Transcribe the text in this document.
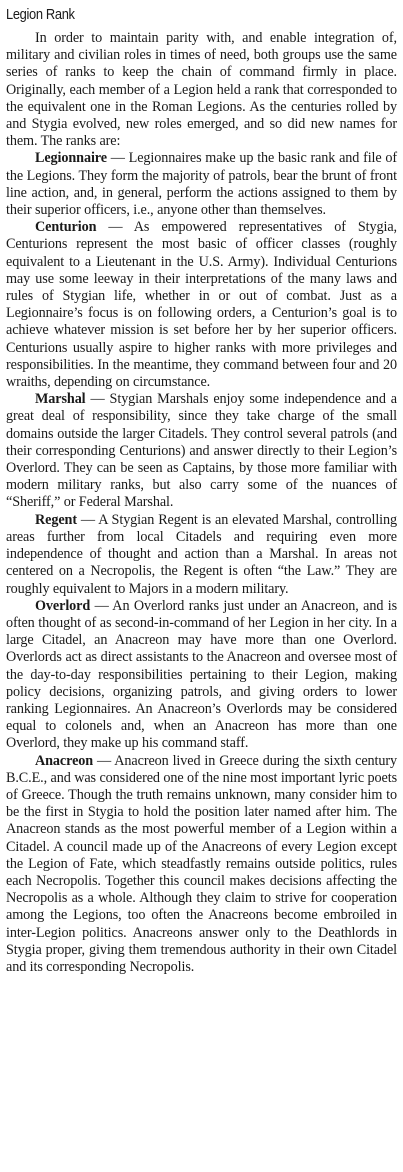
Legion Rank

In order to maintain parity with, and enable integration of, military and civilian roles in times of need, both groups use the same series of ranks to keep the chain of command firmly in place. Originally, each member of a Legion held a rank that corresponded to the equivalent one in the Roman Legions. As the centuries rolled by and Stygia evolved, new roles emerged, and so did new names for them. The ranks are:

Legionnaire — Legionnaires make up the basic rank and file of the Legions. They form the majority of patrols, bear the brunt of front line action, and, in general, perform the actions assigned to them by their superior officers, i.e., anyone other than themselves.

Centurion — As empowered representatives of Stygia, Centurions represent the most basic of officer classes (roughly equivalent to a Lieutenant in the U.S. Army). Individual Centurions may use some leeway in their interpretations of the many laws and rules of Stygian life, whether in or out of combat. Just as a Legionnaire’s focus is on following orders, a Centurion’s goal is to achieve whatever mission is set before her by her superior officers. Centurions usually aspire to higher ranks with more privileges and responsibilities. In the meantime, they command between four and 20 wraiths, depending on circumstance.

Marshal — Stygian Marshals enjoy some independence and a great deal of responsibility, since they take charge of the small domains outside the larger Citadels. They control several patrols (and their corresponding Centurions) and answer directly to their Legion’s Overlord. They can be seen as Captains, by those more familiar with modern military ranks, but also carry some of the nuances of “Sheriff,” or Federal Marshal.

Regent — A Stygian Regent is an elevated Marshal, controlling areas further from local Citadels and requiring even more independence of thought and action than a Marshal. In areas not centered on a Necropolis, the Regent is often “the Law.” They are roughly equivalent to Majors in a modern military.

Overlord — An Overlord ranks just under an Anacreon, and is often thought of as second-in-command of her Legion in her city. In a large Citadel, an Anacreon may have more than one Overlord. Overlords act as direct assistants to the Anacreon and oversee most of the day-to-day responsibilities pertaining to their Legion, making policy decisions, organizing patrols, and giving orders to lower ranking Legionnaires. An Anacreon’s Overlords may be considered equal to colonels and, when an Anacreon has more than one Overlord, they make up his command staff.

Anacreon — Anacreon lived in Greece during the sixth century B.C.E., and was considered one of the nine most important lyric poets of Greece. Though the truth remains unknown, many consider him to be the first in Stygia to hold the position later named after him. The Anacreon stands as the most powerful member of a Legion within a Citadel. A council made up of the Anacreons of every Legion except the Legion of Fate, which steadfastly remains outside politics, rules each Necropolis. Together this council makes decisions affecting the Necropolis as a whole. Although they claim to strive for cooperation among the Legions, too often the Anacreons become embroiled in inter-Legion politics. Anacreons answer only to the Deathlords in Stygia proper, giving them tremendous authority in their own Citadel and its corresponding Necropolis.
